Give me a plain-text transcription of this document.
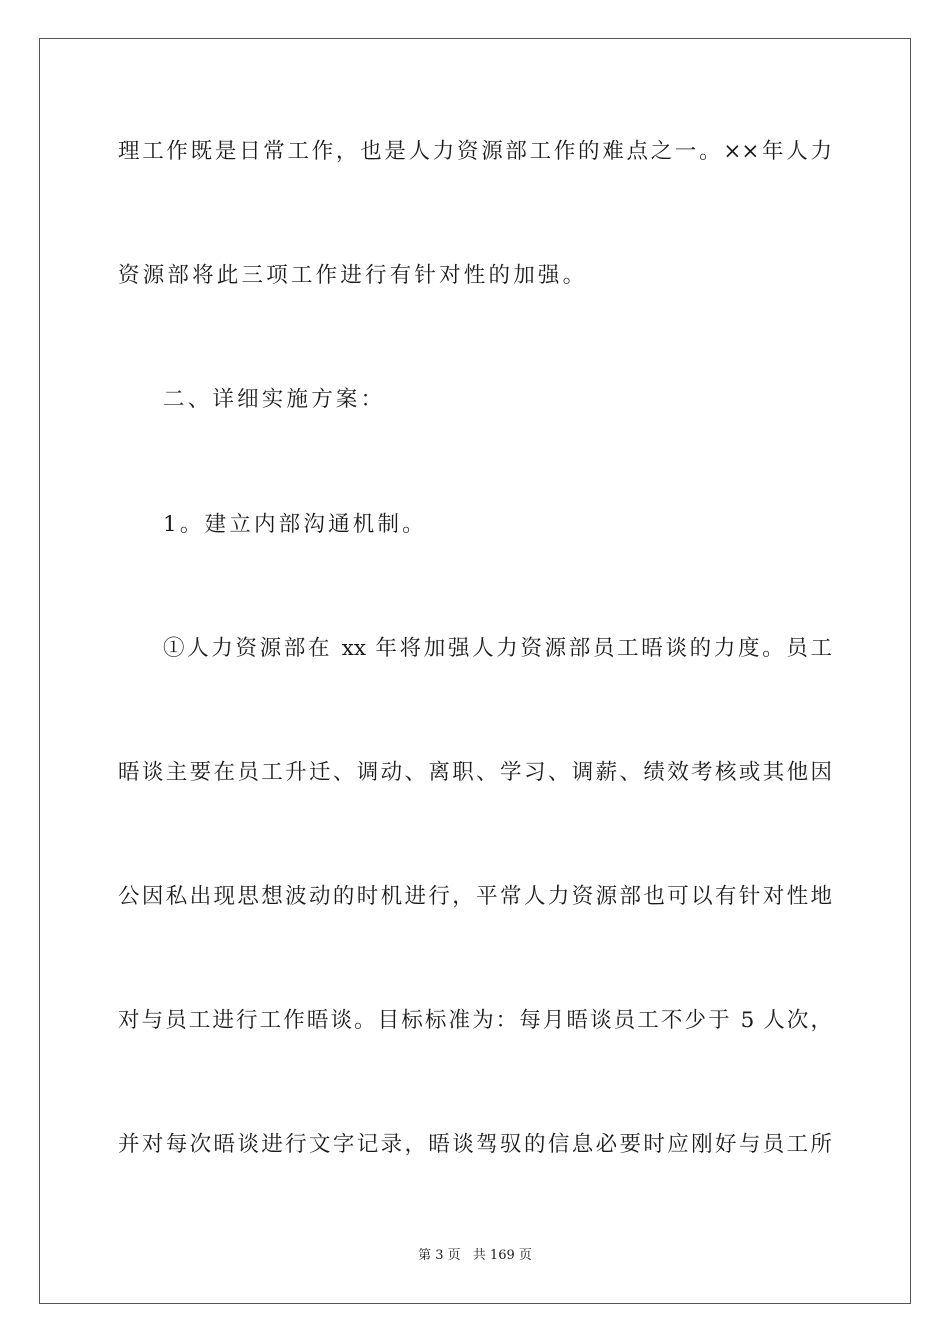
理工作既是日常工作，也是人力资源部工作的难点之一。××年人力
资源部将此三项工作进行有针对性的加强。
二、详细实施方案：
1。建立内部沟通机制。
①人力资源部在 xx 年将加强人力资源部员工晤谈的力度。员工
晤谈主要在员工升迁、调动、离职、学习、调薪、绩效考核或其他因
公因私出现思想波动的时机进行，平常人力资源部也可以有针对性地
对与员工进行工作晤谈。目标标准为：每月晤谈员工不少于 5 人次，
并对每次晤谈进行文字记录，晤谈驾驭的信息必要时应刚好与员工所
第 3 页 共 169 页
